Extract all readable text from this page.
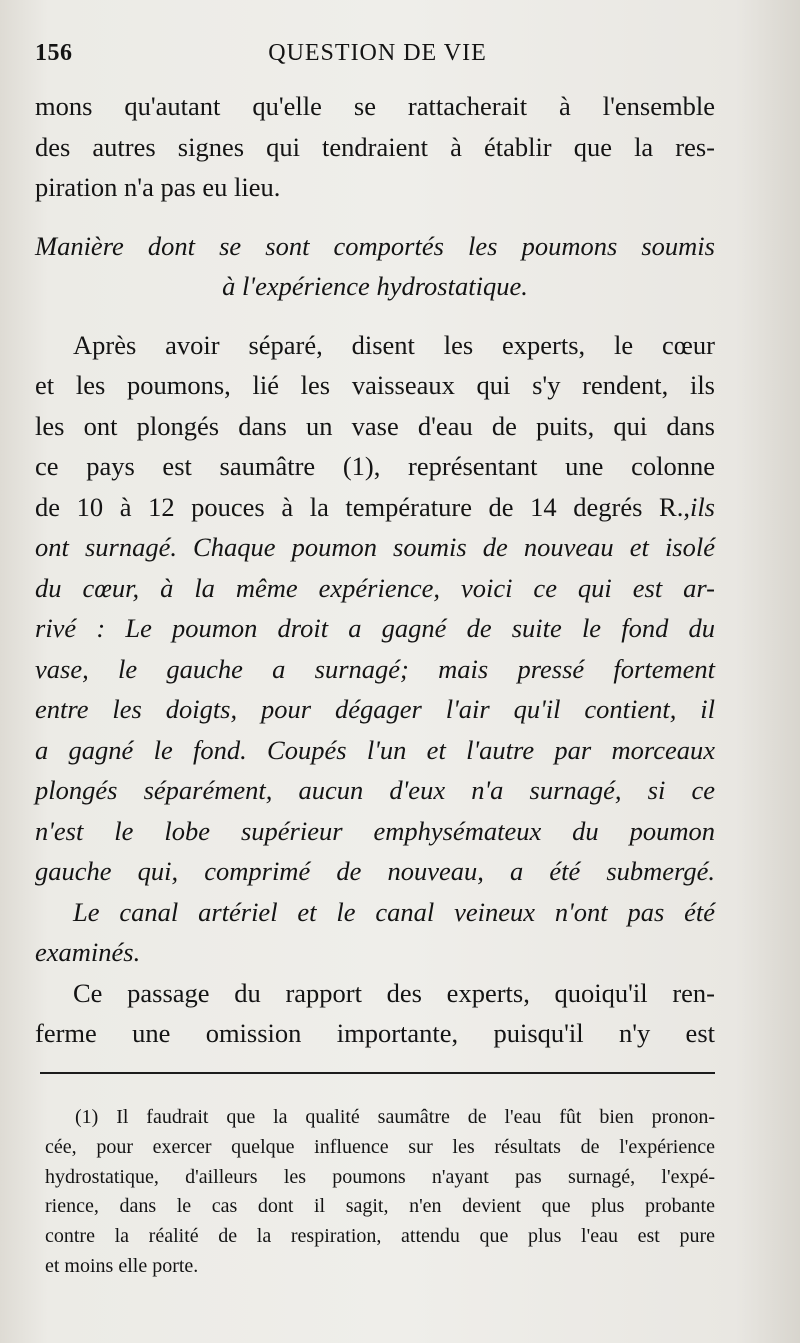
156	QUESTION DE VIE
mons qu'autant qu'elle se rattacherait à l'ensemble
des autres signes qui tendraient à établir que la res-
piration n'a pas eu lieu.
Manière dont se sont comportés les poumons soumis
à l'expérience hydrostatique.
Après avoir séparé, disent les experts, le cœur
et les poumons, lié les vaisseaux qui s'y rendent, ils
les ont plongés dans un vase d'eau de puits, qui dans
ce pays est saumâtre (1), représentant une colonne
de 10 à 12 pouces à la température de 14 degrés R.,ils
ont surnagé. Chaque poumon soumis de nouveau et isolé
du cœur, à la même expérience, voici ce qui est ar-
rivé : Le poumon droit a gagné de suite le fond du
vase, le gauche a surnagé; mais pressé fortement
entre les doigts, pour dégager l'air qu'il contient, il
a gagné le fond. Coupés l'un et l'autre par morceaux
plongés séparément, aucun d'eux n'a surnagé, si ce
n'est le lobe supérieur emphysémateux du poumon
gauche qui, comprimé de nouveau, a été submergé.
Le canal artériel et le canal veineux n'ont pas été
examinés.
Ce passage du rapport des experts, quoiqu'il ren-
ferme une omission importante, puisqu'il n'y est
(1) Il faudrait que la qualité saumâtre de l'eau fût bien pronon-
cée, pour exercer quelque influence sur les résultats de l'expérience
hydrostatique, d'ailleurs les poumons n'ayant pas surnagé, l'expé-
rience, dans le cas dont il sagit, n'en devient que plus probante
contre la réalité de la respiration, attendu que plus l'eau est pure
et moins elle porte.
